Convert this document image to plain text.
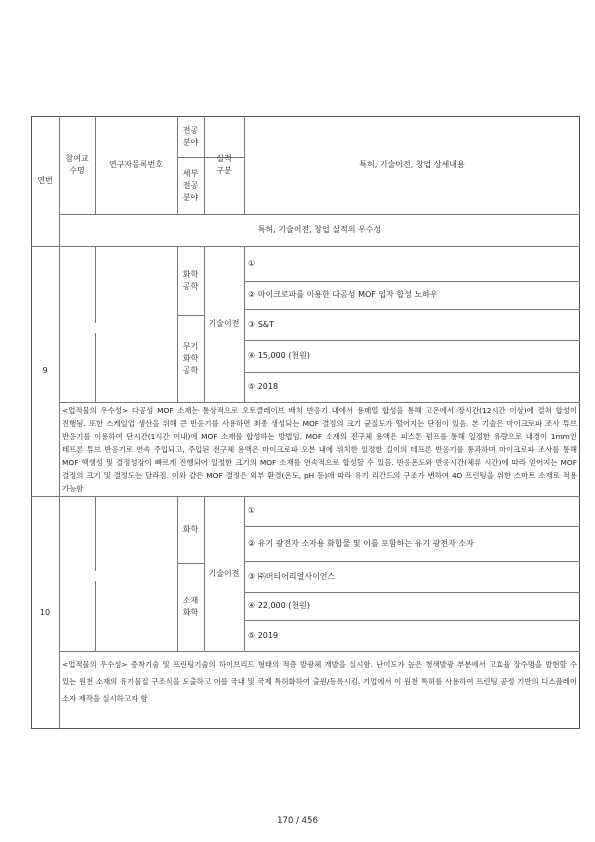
연번
참여교수명
연구자등록번호
전공분야
세부전공분야
실적구분
특허, 기술이전, 창업 상세내용
특허, 기술이전, 창업 실적의 우수성
9
화학공학
무기화학공학
기술이전
①
② 마이크로파를 이용한 다공성 MOF 입자 합성 노하우
③ S&T
④ 15,000 (천원)
⑤ 2018
<업적물의 우수성> 다공성 MOF 소재는 통상적으로 오토클레이브 배치 반응기 내에서 용매열 합성을 통해 고온에서 장시간(12시간 이상)에 걸쳐 합성이 진행됨. 또한 스케일업 생산을 위해 큰 반응기를 사용하면 최종 생성되는 MOF 결정의 크기 균질도가 떨어지는 단점이 있음. 본 기술은 마이크로파 조사 튜브 반응기를 이용하여 단시간(1시간 이내)에 MOF 소재를 합성하는 방법임. MOF 소재의 전구체 용액은 피스톤 펌프를 통해 일정한 유량으로 내경이 1mm인 테프론 튜브 반응기로 연속 주입되고, 주입된 전구체 용액은 마이크로파 오븐 내에 위치한 일정한 길이의 테프론 반응기를 통과하며 마이크로파 조사를 통해 MOF 핵생성 및 결정성장이 빠르게 진행되어 일정한 크기의 MOF 소재를 연속적으로 합성할 수 있음. 반응온도와 반응시간(체류 시간)에 따라 얻어지는 MOF 결정의 크기 및 결정도는 달라짐. 이와 같은 MOF 결정은 외부 환경(온도, pH 등)에 따라 유기 리간드의 구조가 변하여 4D 프린팅을 위한 스마트 소재로 적용 가능함
10
화학
소재화학
기술이전
①
② 유기 광전자 소자용 화합물 및 이를 포함하는 유기 광전자 소자
③ ㈜머티어리얼사이언스
④ 22,000 (천원)
⑤ 2019
<업적물의 우수성> 증착기술 및 프린팅기술의 하이브리드 형태의 적층 발광체 개발을 실시함. 난이도가 높은 청색발광 부분에서 고효율 장수명을 발현할 수 있는 원천 소재의 유기물질 구조식을 도출하고 이를 국내 및 국제 특허화하여 출원/등록시킴. 기업에서 이 원천 특허를 사용하여 프린팅 공정 기반의 디스플레이 소자 제작을 실시하고자 함
170 / 456
